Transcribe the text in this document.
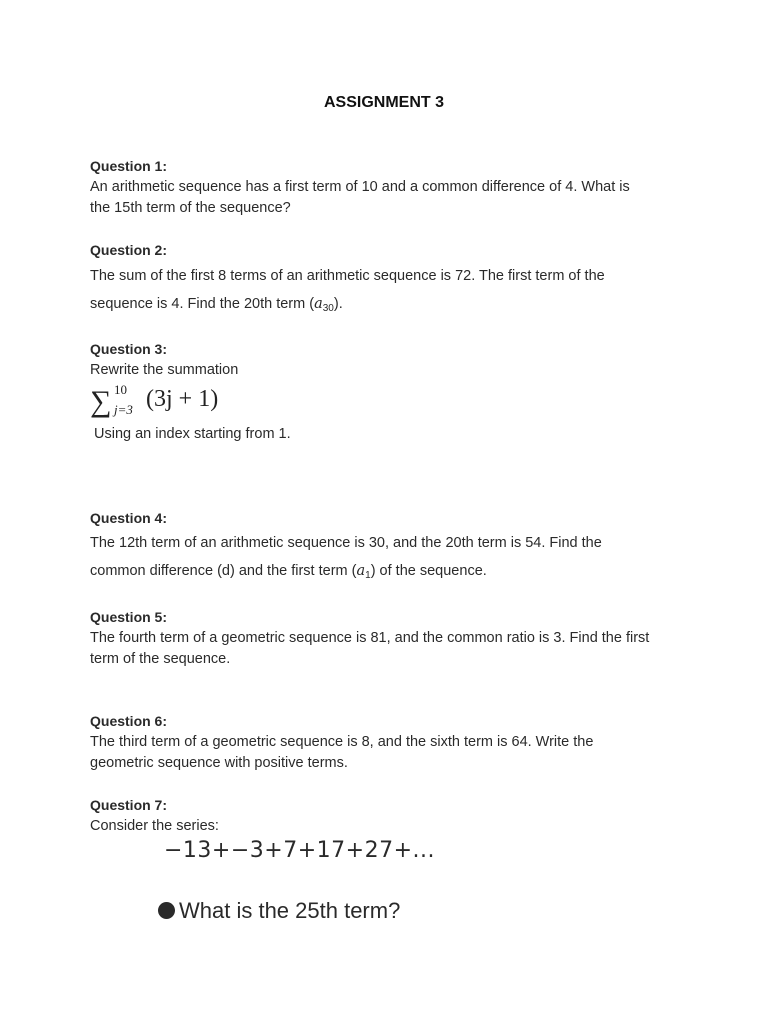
ASSIGNMENT 3
Question 1:
An arithmetic sequence has a first term of 10 and a common difference of 4. What is
the 15th term of the sequence?
Question 2:
The sum of the first 8 terms of an arithmetic sequence is 72. The first term of the
sequence is 4. Find the 20th term $(a_{30})$.
Question 3:
Rewrite the summation
∑ 10
j=3 (3j + 1)
Using an index starting from 1.
Question 4:
The 12th term of an arithmetic sequence is 30, and the 20th term is 54. Find the
common difference (d) and the first term $(a_1)$ of the sequence.
Question 5:
The fourth term of a geometric sequence is 81, and the common ratio is 3. Find the first
term of the sequence.
Question 6:
The third term of a geometric sequence is 8, and the sixth term is 64. Write the
geometric sequence with positive terms.
Question 7:
Consider the series:
−13+−3+7+17+27+...
What is the 25th term?
